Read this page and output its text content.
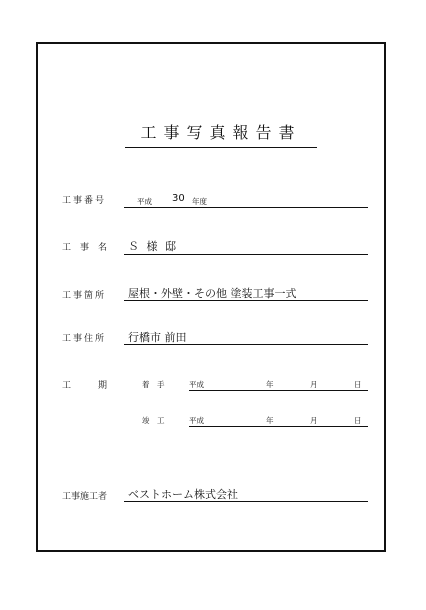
工事写真報告書
工事番号	平成 30 年度
工　事　名 Ｓ 様 邸
工事箇所 屋根・外壁・その他 塗装工事一式
工事住所 行橋市 前田
工　　　期	着　手	平成	年	月	日
竣　工	平成	年	月	日
工事施工者 ベストホーム株式会社
